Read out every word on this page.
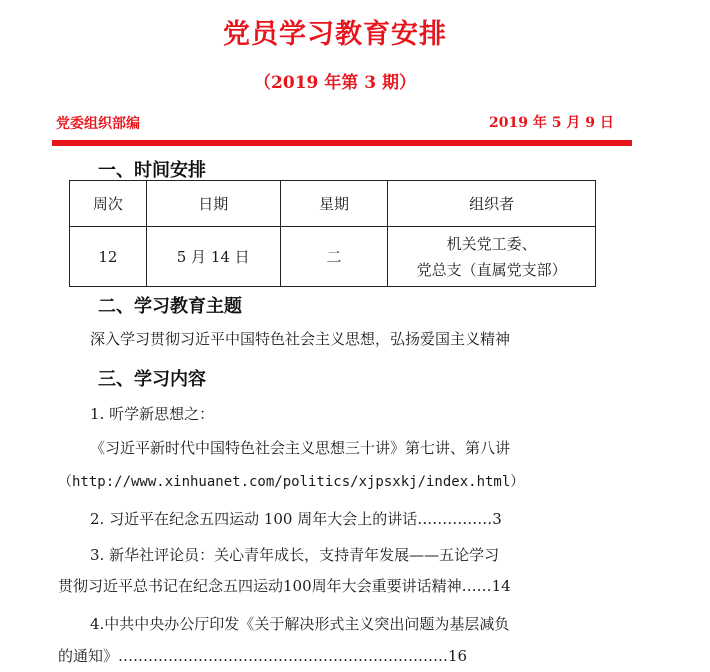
党员学习教育安排
（2019 年第 3 期）
党委组织部编	2019 年 5 月 9 日
一、时间安排
周次	日期	星期	组织者
12	5 月 14 日	二	机关党工委、
党总支（直属党支部）
二、学习教育主题
深入学习贯彻习近平中国特色社会主义思想，弘扬爱国主义精神
三、学习内容
1. 听学新思想之：
《习近平新时代中国特色社会主义思想三十讲》第七讲、第八讲
（http://www.xinhuanet.com/politics/xjpsxkj/index.html）
2. 习近平在纪念五四运动 100 周年大会上的讲话……………3
3. 新华社评论员：关心青年成长，支持青年发展——五论学习
贯彻习近平总书记在纪念五四运动100周年大会重要讲话精神……14
4.中共中央办公厅印发《关于解决形式主义突出问题为基层减负
的通知》…………………………………………………………16
